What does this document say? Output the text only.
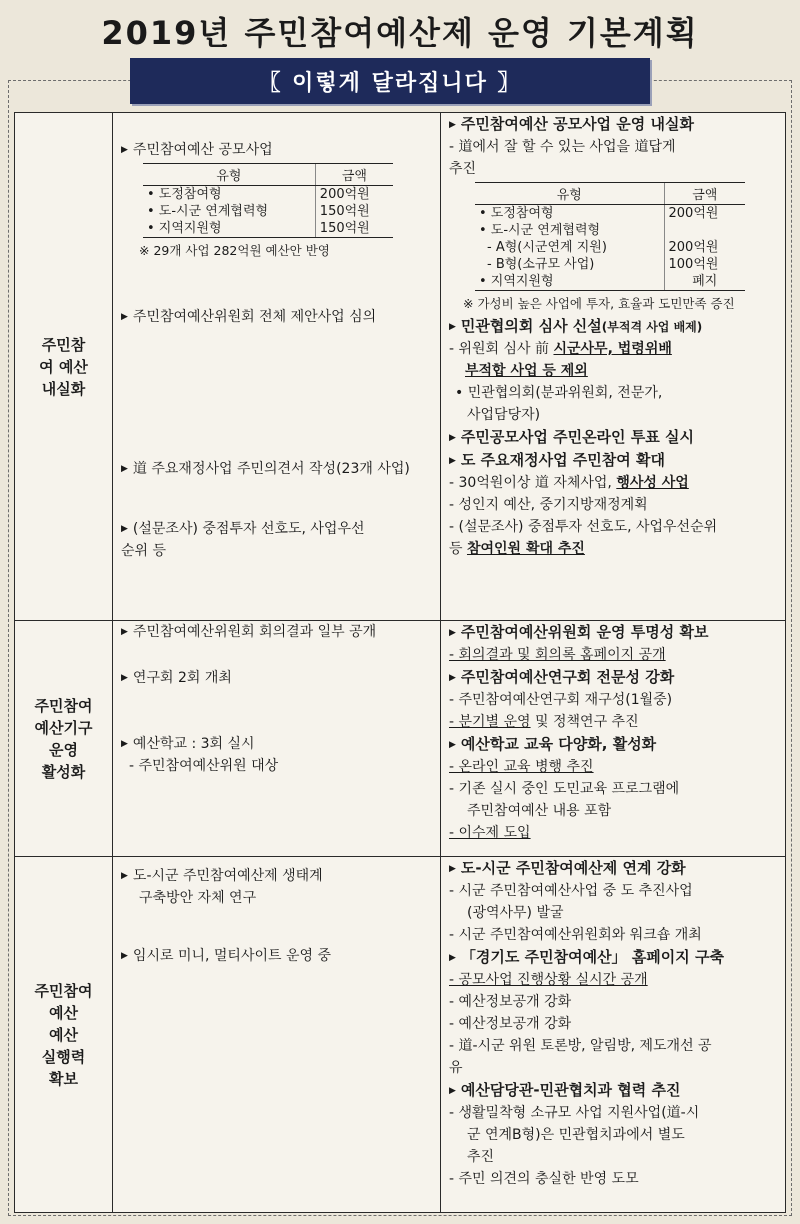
2019년 주민참여예산제 운영 기본계획
〖 이렇게 달라집니다 〗
주민참
여 예산
내실화	
▶ 주민참여예산 공모사업
유형	금액
• 도정참여형	200억원
• 도-시군 연계협력형	150억원
• 지역지원형	150억원
※ 29개 사업 282억원 예산안 반영
▶ 주민참여예산위원회 전체 제안사업 심의
▶ 道 주요재정사업 주민의견서 작성(23개 사업)
▶ (설문조사) 중점투자 선호도, 사업우선
순위 등

▶ 주민참여예산 공모사업 운영 내실화
- 道에서 잘 할 수 있는 사업을 道답게
추진
유형	금액
• 도정참여형	200억원
• 도-시군 연계협력형	
- A형(시군연계 지원)	200억원
- B형(소규모 사업)	100억원
• 지역지원형	폐지
※ 가성비 높은 사업에 투자, 효율과 도민만족 증진
▶ 민관협의회 심사 신설(부적격 사업 배제)
- 위원회 심사 前 시군사무, 법령위배
부적합 사업 등 제외
• 민관협의회(분과위원회, 전문가,
사업담당자)
▶ 주민공모사업 주민온라인 투표 실시
▶ 도 주요재정사업 주민참여 확대
- 30억원이상 道 자체사업, 행사성 사업
- 성인지 예산, 중기지방재정계획
- (설문조사) 중점투자 선호도, 사업우선순위
등 참여인원 확대 추진

주민참여
예산기구
운영
활성화	
▶ 주민참여예산위원회 회의결과 일부 공개
▶ 연구회 2회 개최
▶ 예산학교 : 3회 실시
- 주민참여예산위원 대상

▶ 주민참여예산위원회 운영 투명성 확보
- 회의결과 및 회의록 홈페이지 공개
▶ 주민참여예산연구회 전문성 강화
- 주민참여예산연구회 재구성(1월중)
- 분기별 운영 및 정책연구 추진
▶ 예산학교 교육 다양화, 활성화
- 온라인 교육 병행 추진
- 기존 실시 중인 도민교육 프로그램에
주민참여예산 내용 포함
- 이수제 도입

주민참여
예산
예산
실행력
확보	
▶ 도-시군 주민참여예산제 생태계
구축방안 자체 연구
▶ 임시로 미니, 멀티사이트 운영 중

▶ 도-시군 주민참여예산제 연계 강화
- 시군 주민참여예산사업 중 도 추진사업
(광역사무) 발굴
- 시군 주민참여예산위원회와 워크숍 개최
▶ 「경기도 주민참여예산」 홈페이지 구축
- 공모사업 진행상황 실시간 공개
- 예산정보공개 강화
- 예산정보공개 강화
- 道-시군 위원 토론방, 알림방, 제도개선 공
유
▶ 예산담당관-민관협치과 협력 추진
- 생활밀착형 소규모 사업 지원사업(道-시
군 연계B형)은 민관협치과에서 별도
추진
- 주민 의견의 충실한 반영 도모
